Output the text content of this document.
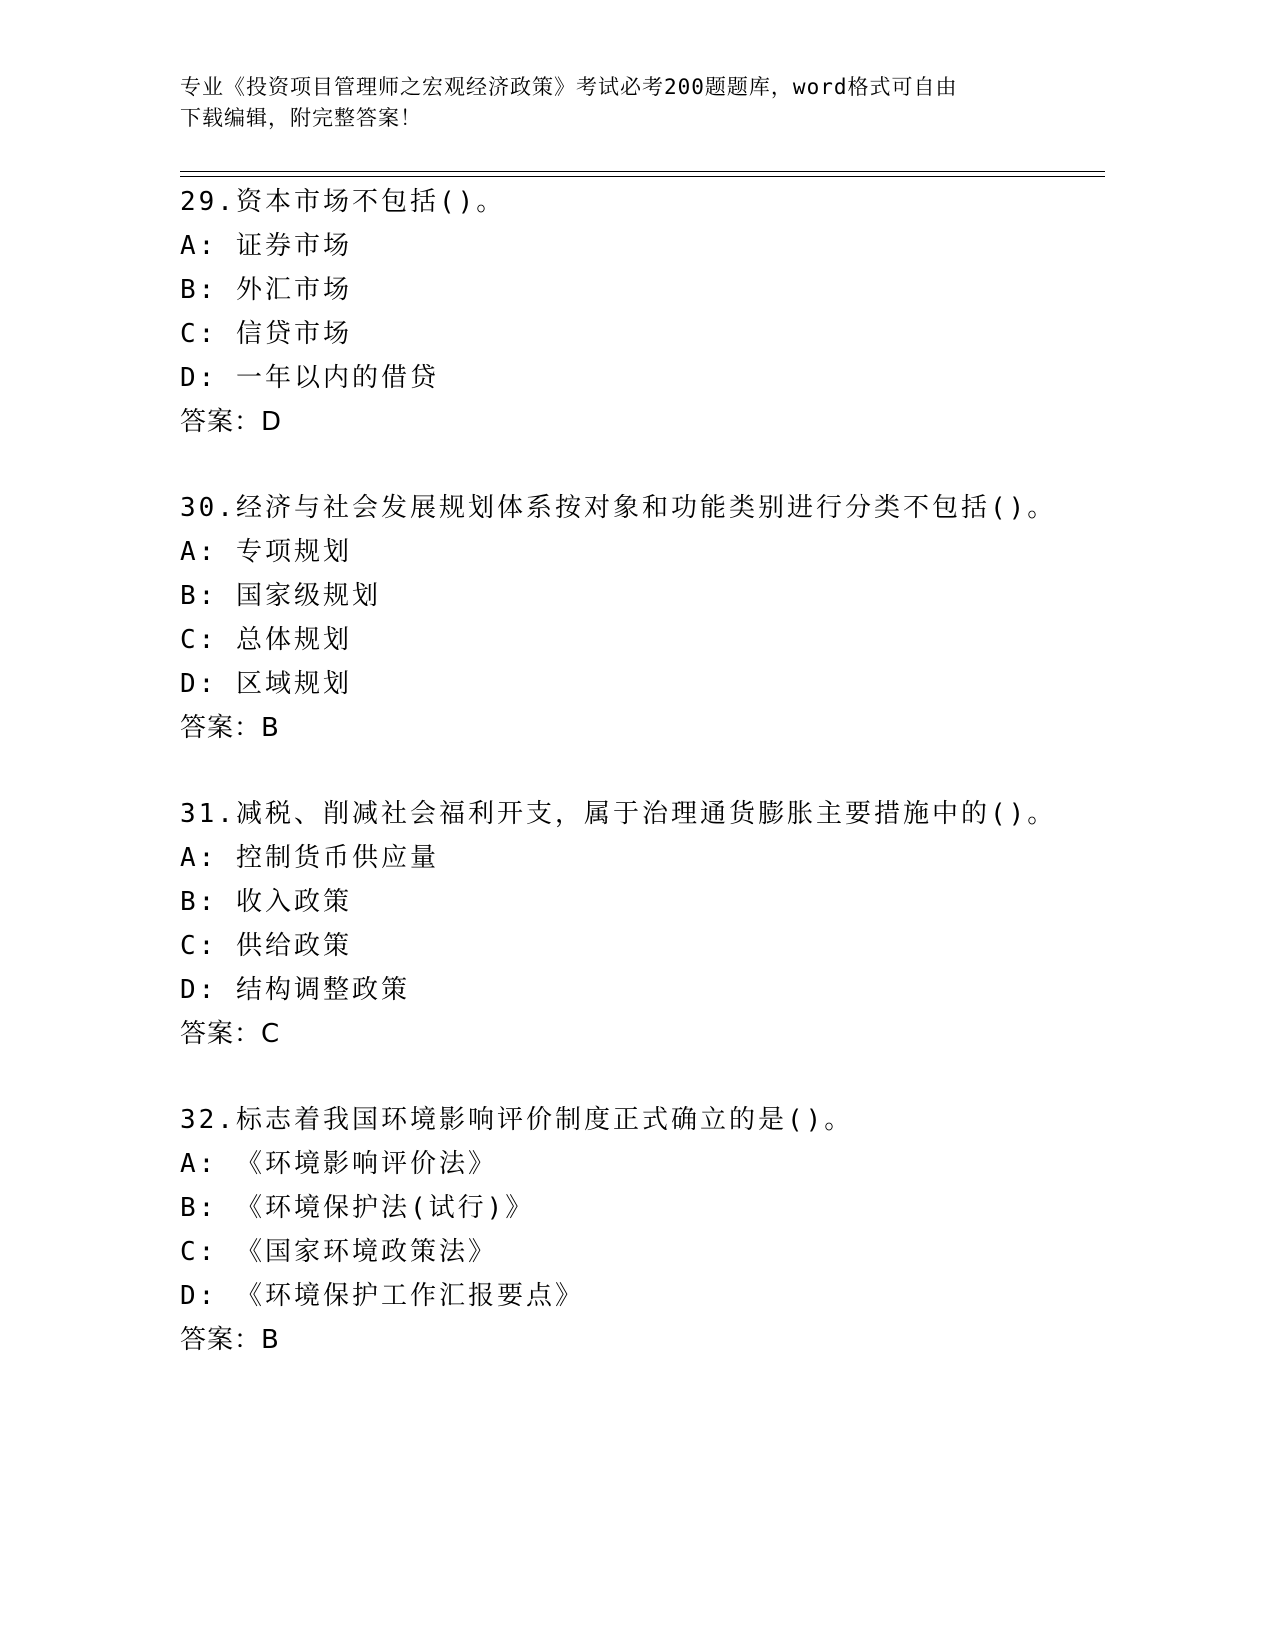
专业《投资项目管理师之宏观经济政策》考试必考200题题库，word格式可自由
下载编辑，附完整答案！
29.资本市场不包括()。
A: 证券市场
B: 外汇市场
C: 信贷市场
D: 一年以内的借贷
答案：D
30.经济与社会发展规划体系按对象和功能类别进行分类不包括()。
A: 专项规划
B: 国家级规划
C: 总体规划
D: 区域规划
答案：B
31.减税、削减社会福利开支，属于治理通货膨胀主要措施中的()。
A: 控制货币供应量
B: 收入政策
C: 供给政策
D: 结构调整政策
答案：C
32.标志着我国环境影响评价制度正式确立的是()。
A: 《环境影响评价法》
B: 《环境保护法(试行)》
C: 《国家环境政策法》
D: 《环境保护工作汇报要点》
答案：B
